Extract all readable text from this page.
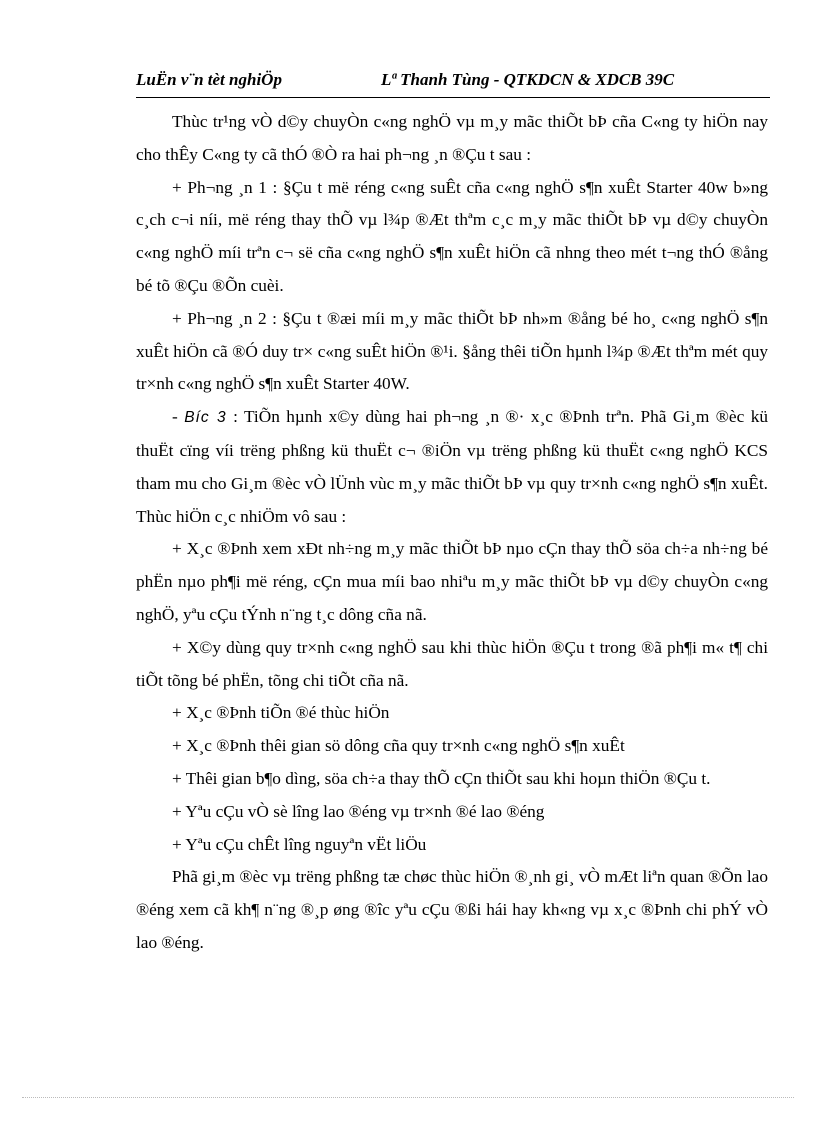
LuËn v¨n tèt nghiÖp	Lª Thanh Tùng - QTKDCN & XDCB 39C

Thùc tr¹ng vÒ d©y chuyÒn c«ng nghÖ vµ m¸y mãc thiÕt bÞ cña C«ng ty hiÖn nay cho thÊy C«ng ty cã thÓ ®Ò ra hai ph¬ng ¸n ®Çu t sau :

+ Ph¬ng ¸n 1 : §Çu t më réng c«ng suÊt cña c«ng nghÖ s¶n xuÊt Starter 40w b»ng c¸ch c¬i níi, më réng thay thÕ vµ l¾p ®Æt thªm c¸c m¸y mãc thiÕt bÞ vµ d©y chuyÒn c«ng nghÖ míi trªn c¬ së cña c«ng nghÖ s¶n xuÊt hiÖn cã nhng theo mét t¬ng thÓ ®ång bé tõ ®Çu ®Õn cuèi.

+ Ph¬ng ¸n 2 : §Çu t ®æi míi m¸y mãc thiÕt bÞ nh»m ®ång bé ho¸ c«ng nghÖ s¶n xuÊt hiÖn cã ®Ó duy tr× c«ng suÊt hiÖn ®¹i. §ång thêi tiÕn hµnh l¾p ®Æt thªm mét quy tr×nh c«ng nghÖ s¶n xuÊt Starter 40W.

- Bíc 3 : TiÕn hµnh x©y dùng hai ph¬ng ¸n ®· x¸c ®Þnh trªn. Phã Gi¸m ®èc kü thuËt cïng víi trëng phßng kü thuËt c¬ ®iÖn vµ trëng phßng kü thuËt c«ng nghÖ KCS tham mu cho Gi¸m ®èc vÒ lÜnh vùc m¸y mãc thiÕt bÞ vµ quy tr×nh c«ng nghÖ s¶n xuÊt. Thùc hiÖn c¸c nhiÖm vô sau :

+ X¸c ®Þnh xem xÐt nh÷ng m¸y mãc thiÕt bÞ nµo cÇn thay thÕ söa ch÷a nh÷ng bé phËn nµo ph¶i më réng, cÇn mua míi bao nhiªu m¸y mãc thiÕt bÞ vµ d©y chuyÒn c«ng nghÖ, yªu cÇu tÝnh n¨ng t¸c dông cña nã.

+ X©y dùng quy tr×nh c«ng nghÖ sau khi thùc hiÖn ®Çu t trong ®ã ph¶i m« t¶ chi tiÕt tõng bé phËn, tõng chi tiÕt cña nã.

+ X¸c ®Þnh tiÕn ®é thùc hiÖn

+ X¸c ®Þnh thêi gian sö dông cña quy tr×nh c«ng nghÖ s¶n xuÊt

+ Thêi gian b¶o dìng, söa ch÷a thay thÕ cÇn thiÕt sau khi hoµn thiÖn ®Çu t.

+ Yªu cÇu vÒ sè lîng lao ®éng vµ tr×nh ®é lao ®éng

+ Yªu cÇu chÊt lîng nguyªn vËt liÖu

Phã gi¸m ®èc vµ trëng phßng tæ chøc thùc hiÖn ®¸nh gi¸ vÒ mÆt liªn quan ®Õn lao ®éng xem cã kh¶ n¨ng ®¸p øng ®îc yªu cÇu ®ßi hái hay kh«ng vµ x¸c ®Þnh chi phÝ vÒ lao ®éng.
